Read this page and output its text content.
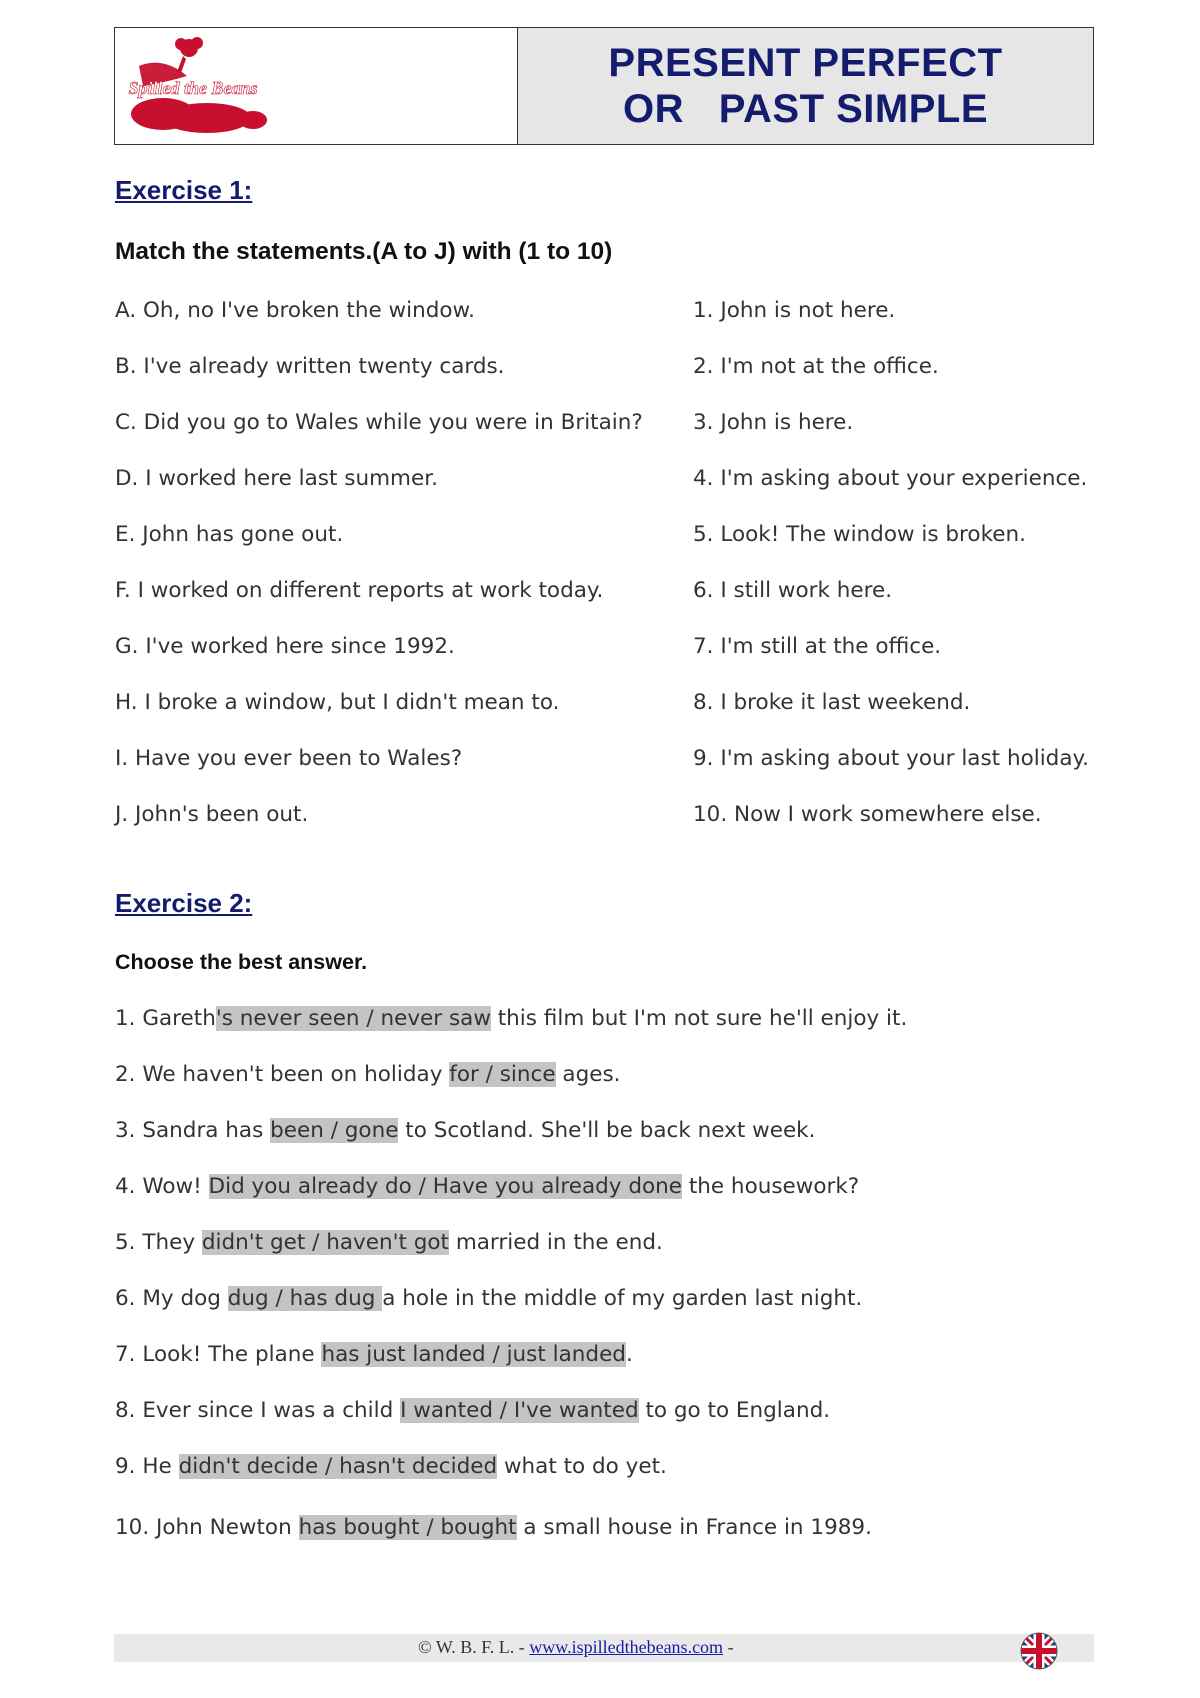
Spilled the Beans
PRESENT PERFECT
OR   PAST SIMPLE
Exercise 1:
Match the statements.(A to J) with (1 to 10)
A. Oh, no I've broken the window.
B. I've already written twenty cards.
C. Did you go to Wales while you were in Britain?
D. I worked here last summer.
E. John has gone out.
F. I worked on different reports at work today.
G. I've worked here since 1992.
H. I broke a window, but I didn't mean to.
I. Have you ever been to Wales?
J. John's been out.
1. John is not here.
2. I'm not at the office.
3. John is here.
4. I'm asking about your experience.
5. Look! The window is broken.
6. I still work here.
7. I'm still at the office.
8. I broke it last weekend.
9. I'm asking about your last holiday.
10. Now I work somewhere else.
Exercise 2:
Choose the best answer.
1. Gareth's never seen / never saw this film but I'm not sure he'll enjoy it.
2. We haven't been on holiday for / since ages.
3. Sandra has been / gone to Scotland. She'll be back next week.
4. Wow! Did you already do / Have you already done the housework?
5. They didn't get / haven't got married in the end.
6. My dog dug / has dug a hole in the middle of my garden last night.
7. Look! The plane has just landed / just landed.
8. Ever since I was a child I wanted / I've wanted to go to England.
9. He didn't decide / hasn't decided what to do yet.
10. John Newton has bought / bought a small house in France in 1989.
© W. B. F. L. - www.ispilledthebeans.com -
